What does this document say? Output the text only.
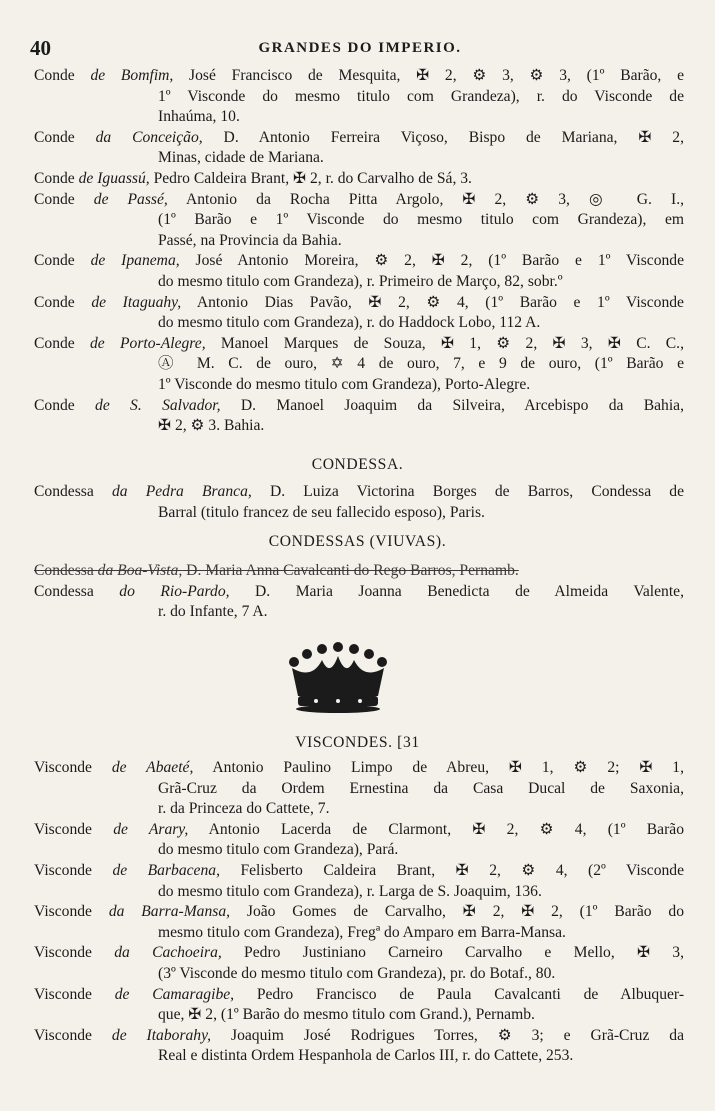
40	GRANDES DO IMPERIO.

Conde de Bomfim, José Francisco de Mesquita, ✠ 2, ⚙ 3, ⚙ 3, (1º Barão, e
1º Visconde do mesmo titulo com Grandeza), r. do Visconde de
Inhaúma, 10.

Conde da Conceição, D. Antonio Ferreira Viçoso, Bispo de Mariana, ✠ 2,
Minas, cidade de Mariana.

Conde de Iguassú, Pedro Caldeira Brant, ✠ 2, r. do Carvalho de Sá, 3.

Conde de Passé, Antonio da Rocha Pitta Argolo, ✠ 2, ⚙ 3, ◎ G. I.,
(1º Barão e 1º Visconde do mesmo titulo com Grandeza), em
Passé, na Provincia da Bahia.

Conde de Ipanema, José Antonio Moreira, ⚙ 2, ✠ 2, (1º Barão e 1º Visconde
do mesmo titulo com Grandeza), r. Primeiro de Março, 82, sobr.º

Conde de Itaguahy, Antonio Dias Pavão, ✠ 2, ⚙ 4, (1º Barão e 1º Visconde
do mesmo titulo com Grandeza), r. do Haddock Lobo, 112 A.

Conde de Porto-Alegre, Manoel Marques de Souza, ✠ 1, ⚙ 2, ✠ 3, ✠ C. C.,
Ⓐ M. C. de ouro, ✡ 4 de ouro, 7, e 9 de ouro, (1º Barão e
1º Visconde do mesmo titulo com Grandeza), Porto-Alegre.

Conde de S. Salvador, D. Manoel Joaquim da Silveira, Arcebispo da Bahia,
✠ 2, ⚙ 3. Bahia.

CONDESSA.

Condessa da Pedra Branca, D. Luiza Victorina Borges de Barros, Condessa de
Barral (titulo francez de seu fallecido esposo), Paris.

CONDESSAS (VIUVAS).

Condessa da Boa-Vista, D. Maria Anna Cavalcanti do Rego Barros, Pernamb.

Condessa do Rio-Pardo, D. Maria Joanna Benedicta de Almeida Valente,
r. do Infante, 7 A.

VISCONDES. [31

Visconde de Abaeté, Antonio Paulino Limpo de Abreu, ✠ 1, ⚙ 2; ✠ 1,
Grã-Cruz da Ordem Ernestina da Casa Ducal de Saxonia,
r. da Princeza do Cattete, 7.

Visconde de Arary, Antonio Lacerda de Clarmont, ✠ 2, ⚙ 4, (1º Barão
do mesmo titulo com Grandeza), Pará.

Visconde de Barbacena, Felisberto Caldeira Brant, ✠ 2, ⚙ 4, (2º Visconde
do mesmo titulo com Grandeza), r. Larga de S. Joaquim, 136.

Visconde da Barra-Mansa, João Gomes de Carvalho, ✠ 2, ✠ 2, (1º Barão do
mesmo titulo com Grandeza), Fregª do Amparo em Barra-Mansa.

Visconde da Cachoeira, Pedro Justiniano Carneiro Carvalho e Mello, ✠ 3,
(3º Visconde do mesmo titulo com Grandeza), pr. do Botaf., 80.

Visconde de Camaragibe, Pedro Francisco de Paula Cavalcanti de Albuquer-
que, ✠ 2, (1º Barão do mesmo titulo com Grand.), Pernamb.

Visconde de Itaborahy, Joaquim José Rodrigues Torres, ⚙ 3; e Grã-Cruz da
Real e distinta Ordem Hespanhola de Carlos III, r. do Cattete, 253.
